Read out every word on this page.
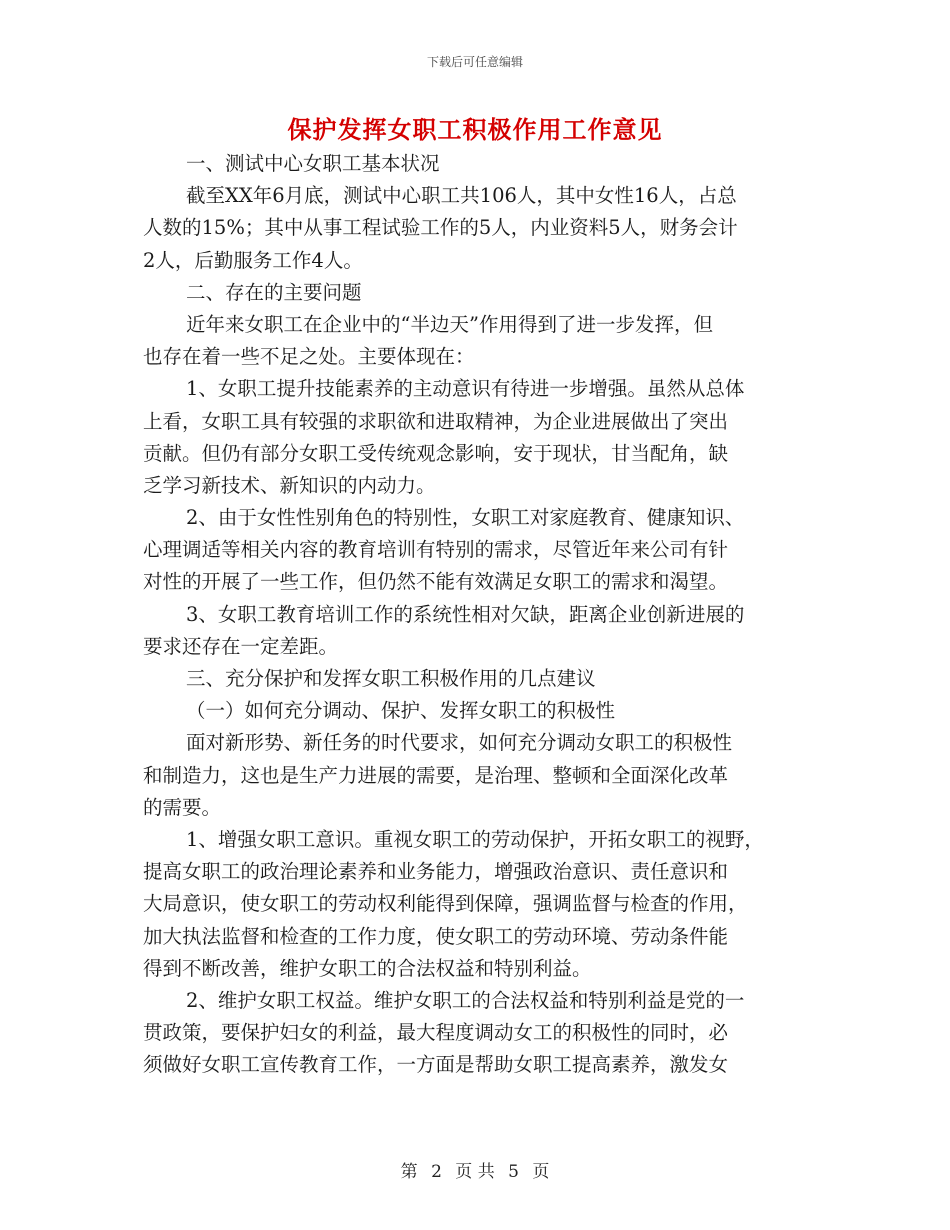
下载后可任意编辑
保护发挥女职工积极作用工作意见
一、测试中心女职工基本状况
截至XX年6月底，测试中心职工共106人，其中女性16人，占总
人数的15%；其中从事工程试验工作的5人，内业资料5人，财务会计
2人，后勤服务工作4人。
二、存在的主要问题
近年来女职工在企业中的“半边天”作用得到了进一步发挥，但
也存在着一些不足之处。主要体现在：
1、女职工提升技能素养的主动意识有待进一步增强。虽然从总体
上看，女职工具有较强的求职欲和进取精神，为企业进展做出了突出
贡献。但仍有部分女职工受传统观念影响，安于现状，甘当配角，缺
乏学习新技术、新知识的内动力。
2、由于女性性别角色的特别性，女职工对家庭教育、健康知识、
心理调适等相关内容的教育培训有特别的需求，尽管近年来公司有针
对性的开展了一些工作，但仍然不能有效满足女职工的需求和渴望。
3、女职工教育培训工作的系统性相对欠缺，距离企业创新进展的
要求还存在一定差距。
三、充分保护和发挥女职工积极作用的几点建议
（一）如何充分调动、保护、发挥女职工的积极性
面对新形势、新任务的时代要求，如何充分调动女职工的积极性
和制造力，这也是生产力进展的需要，是治理、整顿和全面深化改革
的需要。
1、增强女职工意识。重视女职工的劳动保护，开拓女职工的视野，
提高女职工的政治理论素养和业务能力，增强政治意识、责任意识和
大局意识，使女职工的劳动权利能得到保障，强调监督与检查的作用，
加大执法监督和检查的工作力度，使女职工的劳动环境、劳动条件能
得到不断改善，维护女职工的合法权益和特别利益。
2、维护女职工权益。维护女职工的合法权益和特别利益是党的一
贯政策，要保护妇女的利益，最大程度调动女工的积极性的同时，必
须做好女职工宣传教育工作，一方面是帮助女职工提高素养，激发女
第 2 页 共 5 页
